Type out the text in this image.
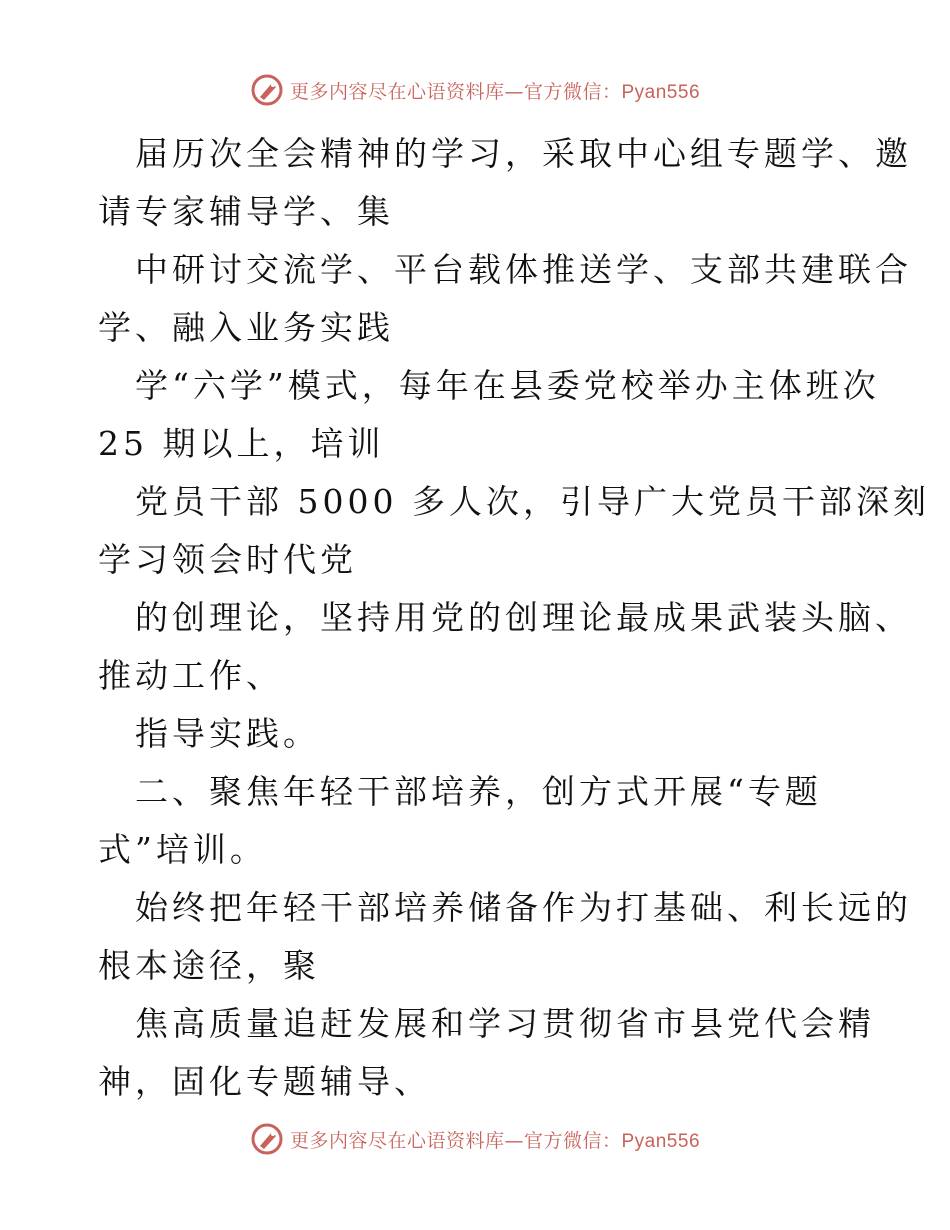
更多内容尽在心语资料库—官方微信：Pyan556
届历次全会精神的学习，采取中心组专题学、邀
请专家辅导学、集
中研讨交流学、平台载体推送学、支部共建联合
学、融入业务实践
学“六学”模式，每年在县委党校举办主体班次
25 期以上，培训
党员干部 5000 多人次，引导广大党员干部深刻
学习领会时代党
的创理论，坚持用党的创理论最成果武装头脑、
推动工作、
指导实践。
二、聚焦年轻干部培养，创方式开展“专题
式”培训。
始终把年轻干部培养储备作为打基础、利长远的
根本途径，聚
焦高质量追赶发展和学习贯彻省市县党代会精
神，固化专题辅导、
更多内容尽在心语资料库—官方微信：Pyan556
